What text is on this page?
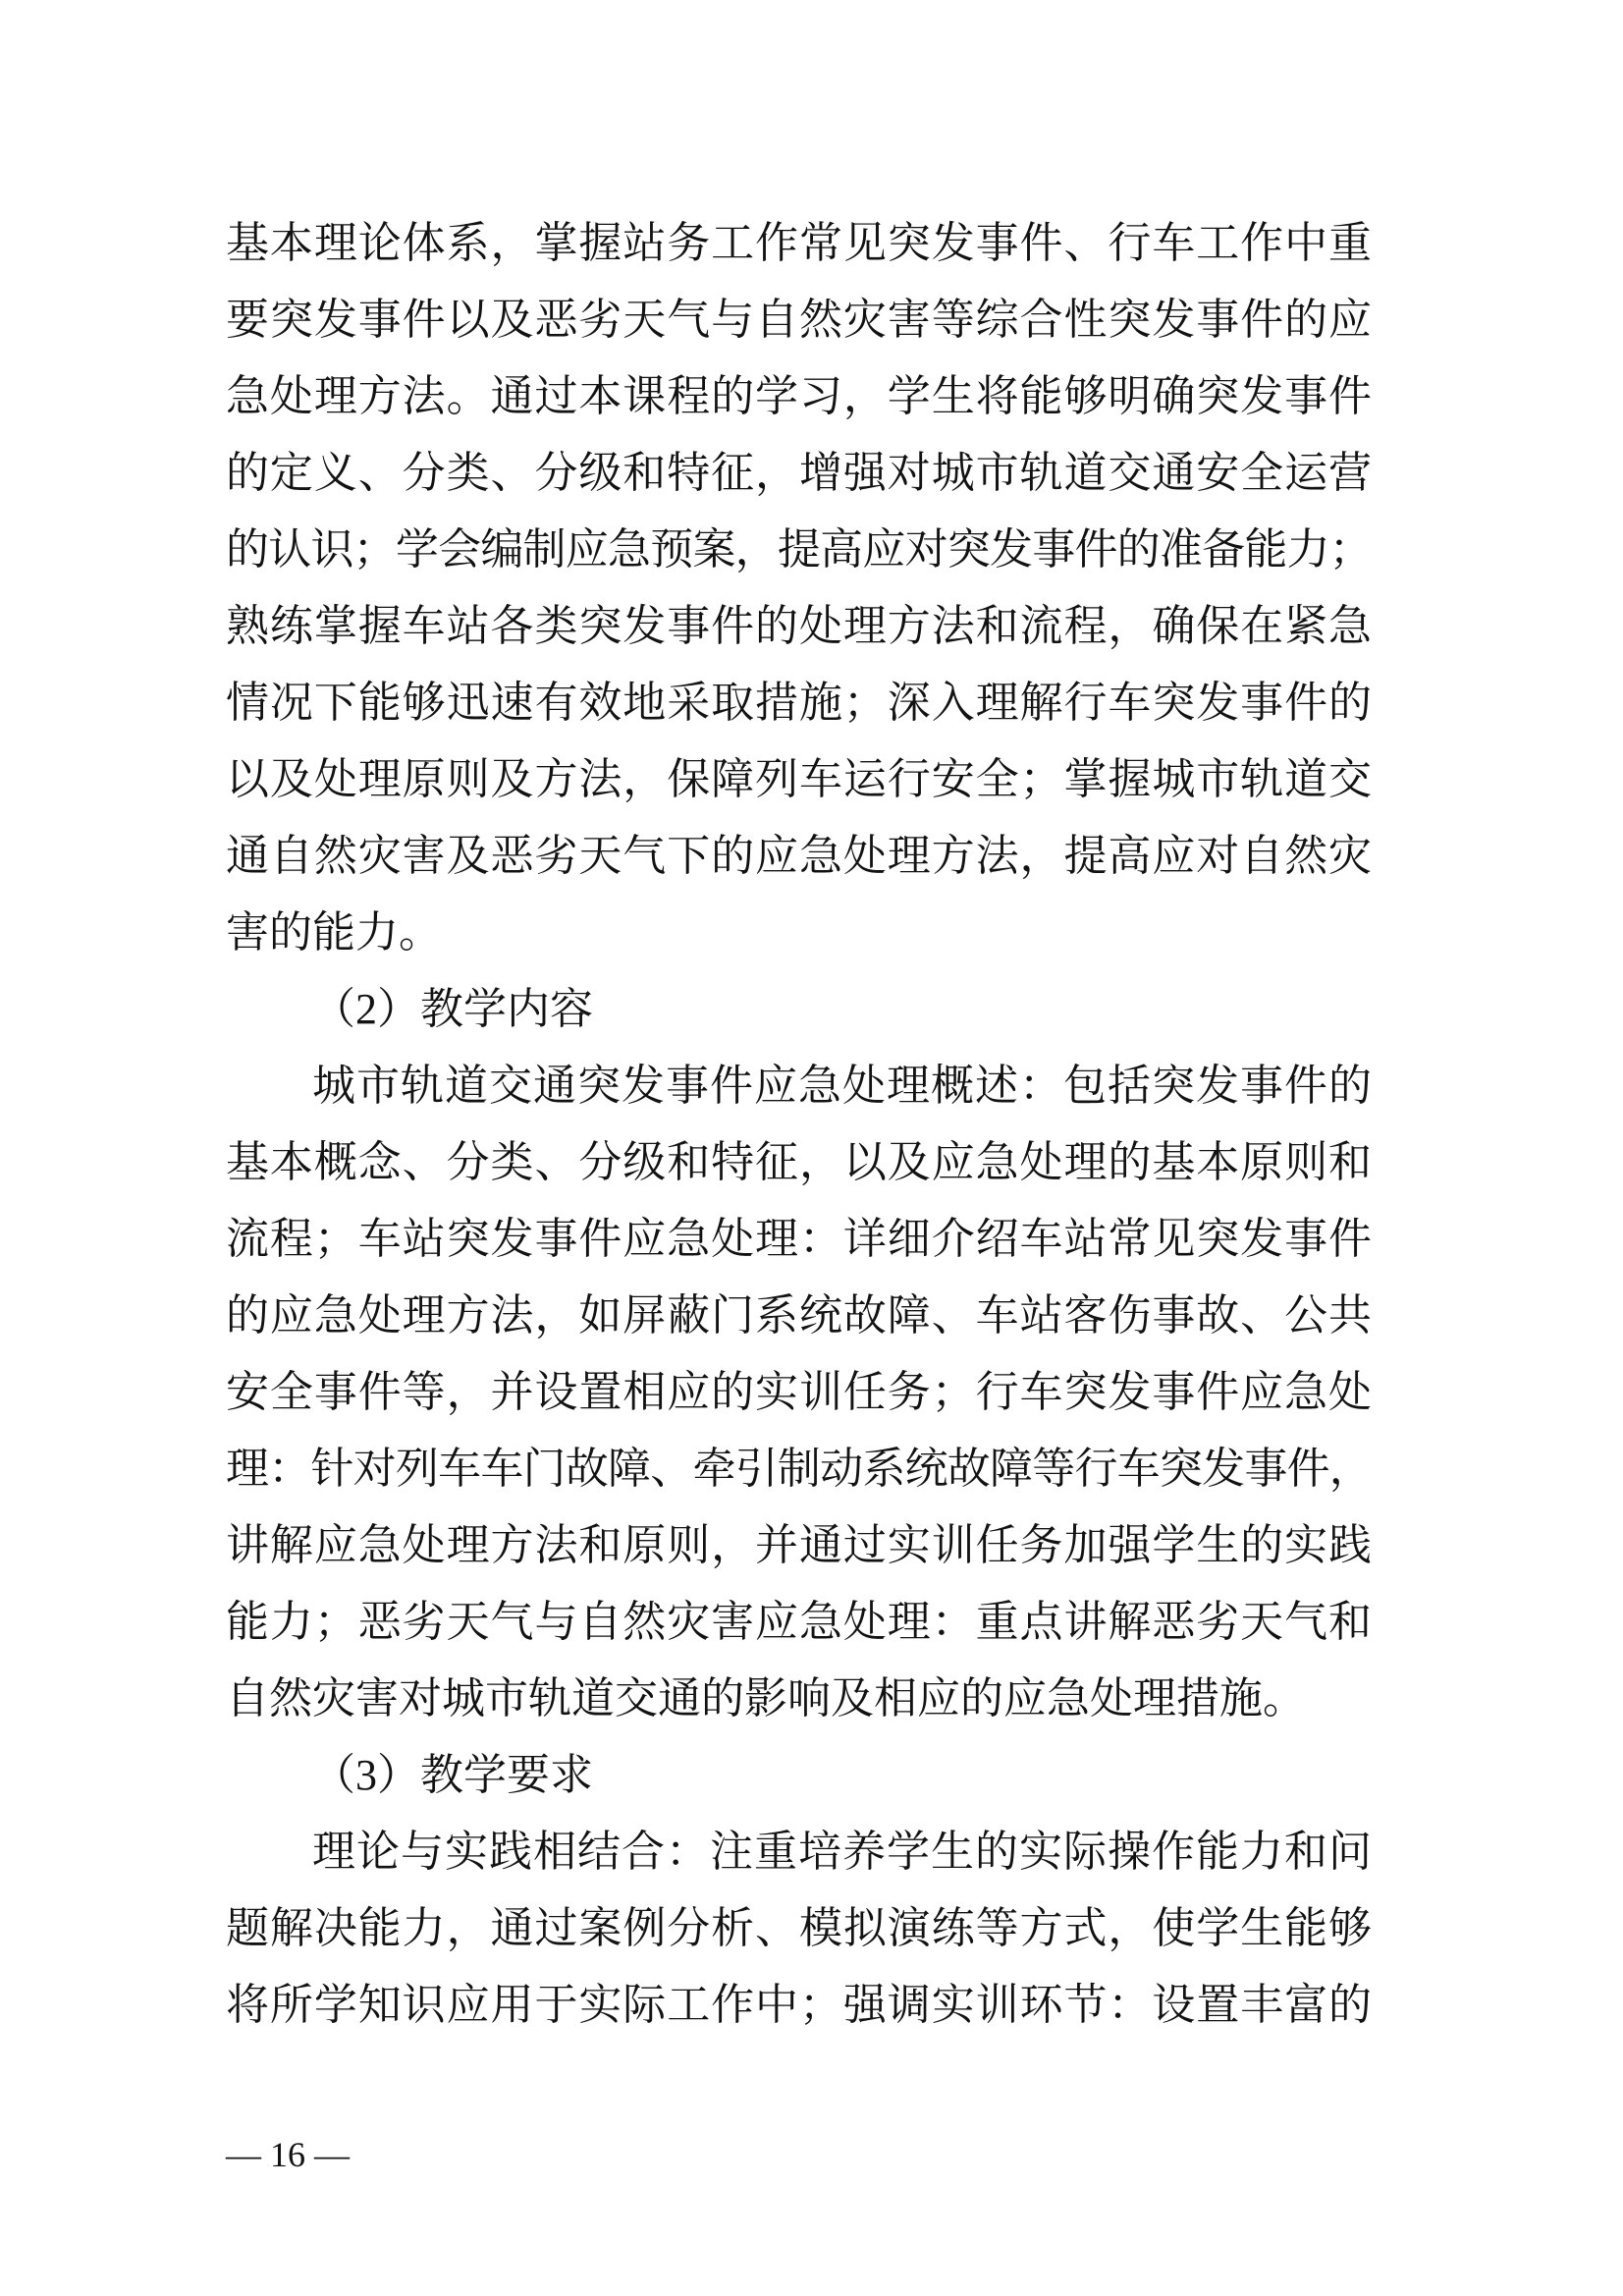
基本理论体系，掌握站务工作常见突发事件、行车工作中重

要突发事件以及恶劣天气与自然灾害等综合性突发事件的应

急处理方法。通过本课程的学习，学生将能够明确突发事件

的定义、分类、分级和特征，增强对城市轨道交通安全运营

的认识；学会编制应急预案，提高应对突发事件的准备能力；

熟练掌握车站各类突发事件的处理方法和流程，确保在紧急

情况下能够迅速有效地采取措施；深入理解行车突发事件的

以及处理原则及方法，保障列车运行安全；掌握城市轨道交

通自然灾害及恶劣天气下的应急处理方法，提高应对自然灾

害的能力。

（2）教学内容

城市轨道交通突发事件应急处理概述：包括突发事件的

基本概念、分类、分级和特征，以及应急处理的基本原则和

流程；车站突发事件应急处理：详细介绍车站常见突发事件

的应急处理方法，如屏蔽门系统故障、车站客伤事故、公共

安全事件等，并设置相应的实训任务；行车突发事件应急处

理：针对列车车门故障、牵引制动系统故障等行车突发事件，

讲解应急处理方法和原则，并通过实训任务加强学生的实践

能力；恶劣天气与自然灾害应急处理：重点讲解恶劣天气和

自然灾害对城市轨道交通的影响及相应的应急处理措施。

（3）教学要求

理论与实践相结合：注重培养学生的实际操作能力和问

题解决能力，通过案例分析、模拟演练等方式，使学生能够

将所学知识应用于实际工作中；强调实训环节：设置丰富的

— 16 —
